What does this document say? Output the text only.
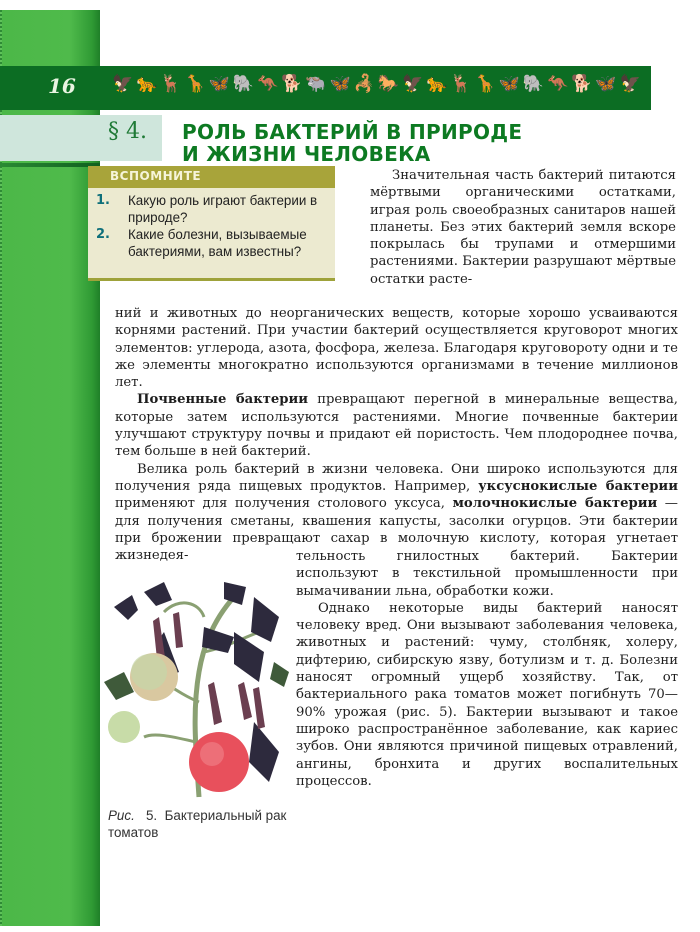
16 🦅🐆🦌🦒🦋🐘🦘🐕🐃🦋🦂🐎🦅🐆🦌🦒🦋🐘🦘🐕🦋🦅
§ 4. РОЛЬ БАКТЕРИЙ В ПРИРОДЕ
И ЖИЗНИ ЧЕЛОВЕКА
ВСПОМНИТЕ
1. Какую роль играют бактерии в природе?
2. Какие болезни, вызываемые бактериями, вам известны?

Значительная часть бактерий питаются мёртвыми органическими остатками, играя роль своеобразных санитаров нашей планеты. Без этих бактерий земля вскоре покрылась бы трупами и отмершими растениями. Бактерии разрушают мёртвые остатки расте-

ний и животных до неорганических веществ, которые хорошо усваиваются корнями растений. При участии бактерий осуществляется круговорот многих элементов: углерода, азота, фосфора, железа. Благодаря круговороту одни и те же элементы многократно используются организмами в течение миллионов лет.

Почвенные бактерии превращают перегной в минеральные вещества, которые затем используются растениями. Многие почвенные бактерии улучшают структуру почвы и придают ей пористость. Чем плодороднее почва, тем больше в ней бактерий.

Велика роль бактерий в жизни человека. Они широко используются для получения ряда пищевых продуктов. Например, уксуснокислые бактерии применяют для получения столового уксуса, молочнокислые бактерии — для получения сметаны, квашения капусты, засолки огурцов. Эти бактерии при брожении превращают сахар в молочную кислоту, которая угнетает жизнедея-	тельность гнилостных бактерий. Бактерии используют в текстильной промышленности при вымачивании льна, обработки кожи.

Однако некоторые виды бактерий наносят человеку вред. Они вызывают заболевания человека, животных и растений: чуму, столбняк, холеру, дифтерию, сибирскую язву, ботулизм и т. д. Болезни наносят огромный ущерб хозяйству. Так, от бактериального рака томатов может погибнуть 70—90% урожая (рис. 5). Бактерии вызывают и такое широко распространённое заболевание, как кариес зубов. Они являются причиной пищевых отравлений, ангины, бронхита и других воспалительных процессов.

Рис. 5. Бактериальный рак томатов
